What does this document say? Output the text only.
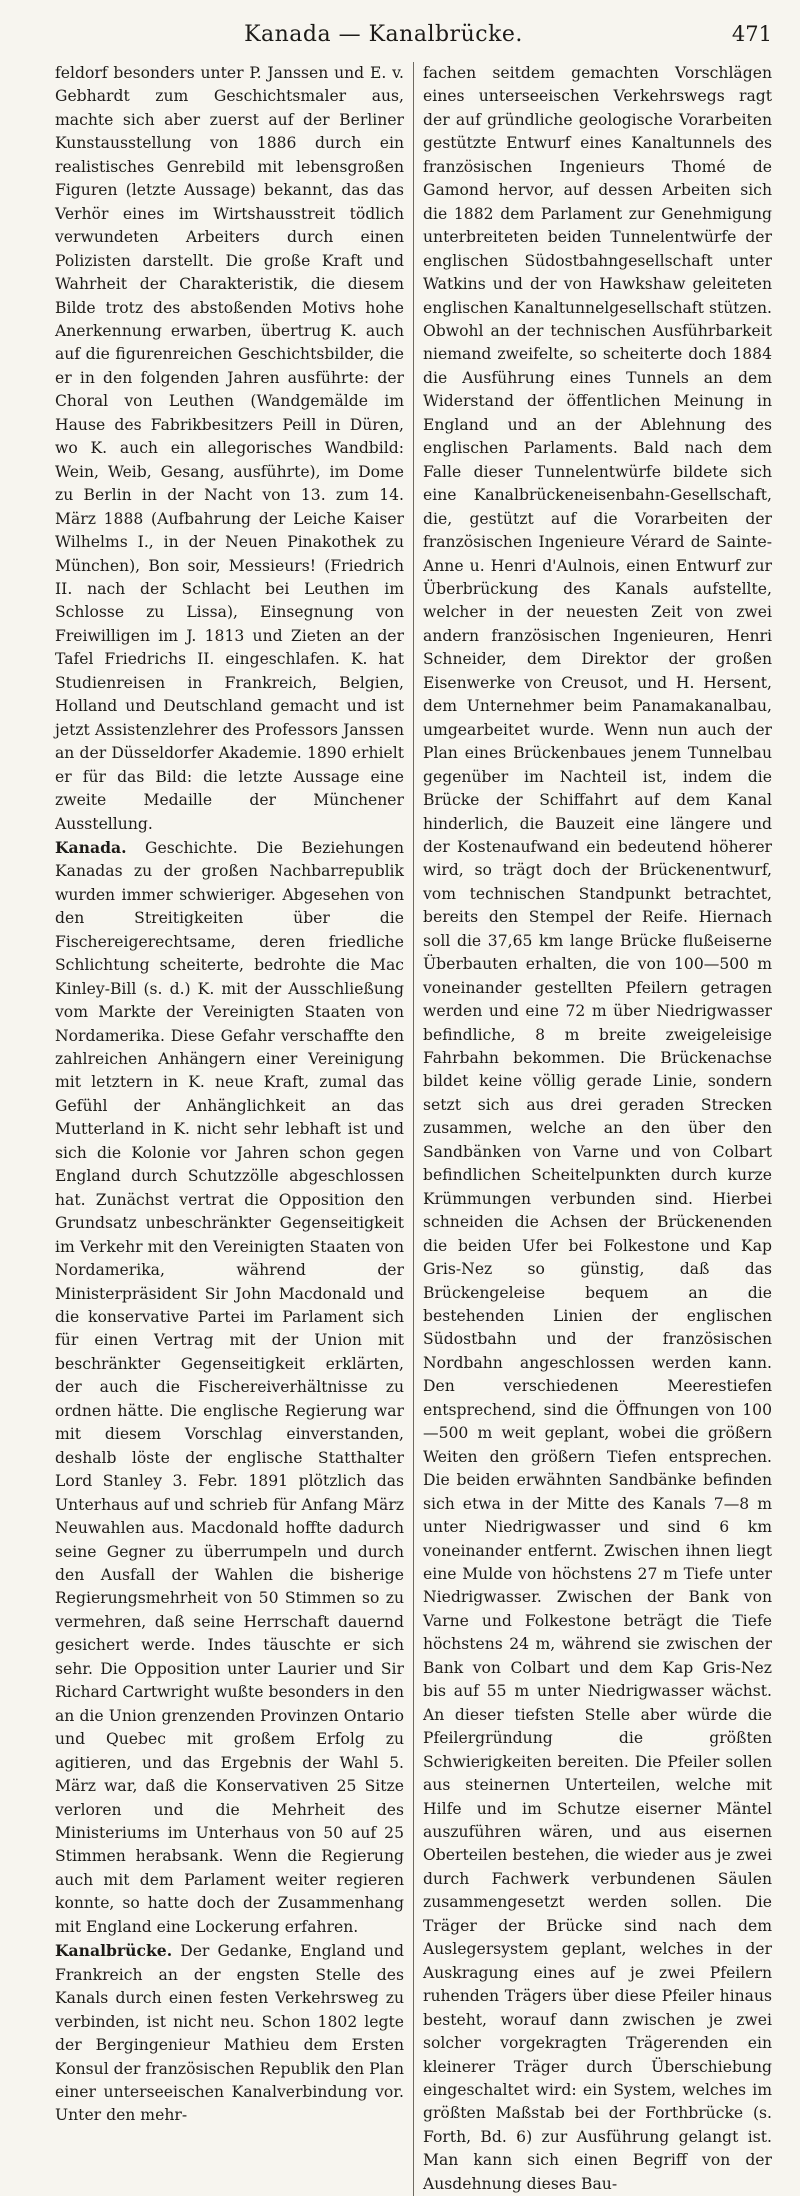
Kanada — Kanalbrücke.	471

feldorf besonders unter P. Janssen und E. v. Gebhardt zum Geschichtsmaler aus, machte sich aber zuerst auf der Berliner Kunstausstellung von 1886 durch ein realistisches Genrebild mit lebensgroßen Figuren (letzte Aussage) bekannt, das das Verhör eines im Wirtshausstreit tödlich verwundeten Arbeiters durch einen Polizisten darstellt. Die große Kraft und Wahrheit der Charakteristik, die diesem Bilde trotz des abstoßenden Motivs hohe Anerkennung erwarben, übertrug K. auch auf die figurenreichen Geschichtsbilder, die er in den folgenden Jahren ausführte: der Choral von Leuthen (Wandgemälde im Hause des Fabrikbesitzers Peill in Düren, wo K. auch ein allegorisches Wandbild: Wein, Weib, Gesang, ausführte), im Dome zu Berlin in der Nacht von 13. zum 14. März 1888 (Aufbahrung der Leiche Kaiser Wilhelms I., in der Neuen Pinakothek zu München), Bon soir, Messieurs! (Friedrich II. nach der Schlacht bei Leuthen im Schlosse zu Lissa), Einsegnung von Freiwilligen im J. 1813 und Zieten an der Tafel Friedrichs II. eingeschlafen. K. hat Studienreisen in Frankreich, Belgien, Holland und Deutschland gemacht und ist jetzt Assistenzlehrer des Professors Janssen an der Düsseldorfer Akademie. 1890 erhielt er für das Bild: die letzte Aussage eine zweite Medaille der Münchener Ausstellung.

Kanada. Geschichte. Die Beziehungen Kanadas zu der großen Nachbarrepublik wurden immer schwieriger. Abgesehen von den Streitigkeiten über die Fischereigerechtsame, deren friedliche Schlichtung scheiterte, bedrohte die Mac Kinley-Bill (s. d.) K. mit der Ausschließung vom Markte der Vereinigten Staaten von Nordamerika. Diese Gefahr verschaffte den zahlreichen Anhängern einer Vereinigung mit letztern in K. neue Kraft, zumal das Gefühl der Anhänglichkeit an das Mutterland in K. nicht sehr lebhaft ist und sich die Kolonie vor Jahren schon gegen England durch Schutzzölle abgeschlossen hat. Zunächst vertrat die Opposition den Grundsatz unbeschränkter Gegenseitigkeit im Verkehr mit den Vereinigten Staaten von Nordamerika, während der Ministerpräsident Sir John Macdonald und die konservative Partei im Parlament sich für einen Vertrag mit der Union mit beschränkter Gegenseitigkeit erklärten, der auch die Fischereiverhältnisse zu ordnen hätte. Die englische Regierung war mit diesem Vorschlag einverstanden, deshalb löste der englische Statthalter Lord Stanley 3. Febr. 1891 plötzlich das Unterhaus auf und schrieb für Anfang März Neuwahlen aus. Macdonald hoffte dadurch seine Gegner zu überrumpeln und durch den Ausfall der Wahlen die bisherige Regierungsmehrheit von 50 Stimmen so zu vermehren, daß seine Herrschaft dauernd gesichert werde. Indes täuschte er sich sehr. Die Opposition unter Laurier und Sir Richard Cartwright wußte besonders in den an die Union grenzenden Provinzen Ontario und Quebec mit großem Erfolg zu agitieren, und das Ergebnis der Wahl 5. März war, daß die Konservativen 25 Sitze verloren und die Mehrheit des Ministeriums im Unterhaus von 50 auf 25 Stimmen herabsank. Wenn die Regierung auch mit dem Parlament weiter regieren konnte, so hatte doch der Zusammenhang mit England eine Lockerung erfahren.

Kanalbrücke. Der Gedanke, England und Frankreich an der engsten Stelle des Kanals durch einen festen Verkehrsweg zu verbinden, ist nicht neu. Schon 1802 legte der Bergingenieur Mathieu dem Ersten Konsul der französischen Republik den Plan einer unterseeischen Kanalverbindung vor. Unter den mehr-

fachen seitdem gemachten Vorschlägen eines unterseeischen Verkehrswegs ragt der auf gründliche geologische Vorarbeiten gestützte Entwurf eines Kanaltunnels des französischen Ingenieurs Thomé de Gamond hervor, auf dessen Arbeiten sich die 1882 dem Parlament zur Genehmigung unterbreiteten beiden Tunnelentwürfe der englischen Südostbahngesellschaft unter Watkins und der von Hawkshaw geleiteten englischen Kanaltunnelgesellschaft stützen. Obwohl an der technischen Ausführbarkeit niemand zweifelte, so scheiterte doch 1884 die Ausführung eines Tunnels an dem Widerstand der öffentlichen Meinung in England und an der Ablehnung des englischen Parlaments. Bald nach dem Falle dieser Tunnelentwürfe bildete sich eine Kanalbrückeneisenbahn-Gesellschaft, die, gestützt auf die Vorarbeiten der französischen Ingenieure Vérard de Sainte-Anne u. Henri d'Aulnois, einen Entwurf zur Überbrückung des Kanals aufstellte, welcher in der neuesten Zeit von zwei andern französischen Ingenieuren, Henri Schneider, dem Direktor der großen Eisenwerke von Creusot, und H. Hersent, dem Unternehmer beim Panamakanalbau, umgearbeitet wurde. Wenn nun auch der Plan eines Brückenbaues jenem Tunnelbau gegenüber im Nachteil ist, indem die Brücke der Schiffahrt auf dem Kanal hinderlich, die Bauzeit eine längere und der Kostenaufwand ein bedeutend höherer wird, so trägt doch der Brückenentwurf, vom technischen Standpunkt betrachtet, bereits den Stempel der Reife. Hiernach soll die 37,65 km lange Brücke flußeiserne Überbauten erhalten, die von 100—500 m voneinander gestellten Pfeilern getragen werden und eine 72 m über Niedrigwasser befindliche, 8 m breite zweigeleisige Fahrbahn bekommen. Die Brückenachse bildet keine völlig gerade Linie, sondern setzt sich aus drei geraden Strecken zusammen, welche an den über den Sandbänken von Varne und von Colbart befindlichen Scheitelpunkten durch kurze Krümmungen verbunden sind. Hierbei schneiden die Achsen der Brückenenden die beiden Ufer bei Folkestone und Kap Gris-Nez so günstig, daß das Brückengeleise bequem an die bestehenden Linien der englischen Südostbahn und der französischen Nordbahn angeschlossen werden kann. Den verschiedenen Meerestiefen entsprechend, sind die Öffnungen von 100—500 m weit geplant, wobei die größern Weiten den größern Tiefen entsprechen. Die beiden erwähnten Sandbänke befinden sich etwa in der Mitte des Kanals 7—8 m unter Niedrigwasser und sind 6 km voneinander entfernt. Zwischen ihnen liegt eine Mulde von höchstens 27 m Tiefe unter Niedrigwasser. Zwischen der Bank von Varne und Folkestone beträgt die Tiefe höchstens 24 m, während sie zwischen der Bank von Colbart und dem Kap Gris-Nez bis auf 55 m unter Niedrigwasser wächst. An dieser tiefsten Stelle aber würde die Pfeilergründung die größten Schwierigkeiten bereiten. Die Pfeiler sollen aus steinernen Unterteilen, welche mit Hilfe und im Schutze eiserner Mäntel auszuführen wären, und aus eisernen Oberteilen bestehen, die wieder aus je zwei durch Fachwerk verbundenen Säulen zusammengesetzt werden sollen. Die Träger der Brücke sind nach dem Auslegersystem geplant, welches in der Auskragung eines auf je zwei Pfeilern ruhenden Trägers über diese Pfeiler hinaus besteht, worauf dann zwischen je zwei solcher vorgekragten Trägerenden ein kleinerer Träger durch Überschiebung eingeschaltet wird: ein System, welches im größten Maßstab bei der Forthbrücke (s. Forth, Bd. 6) zur Ausführung gelangt ist. Man kann sich einen Begriff von der Ausdehnung dieses Bau-
